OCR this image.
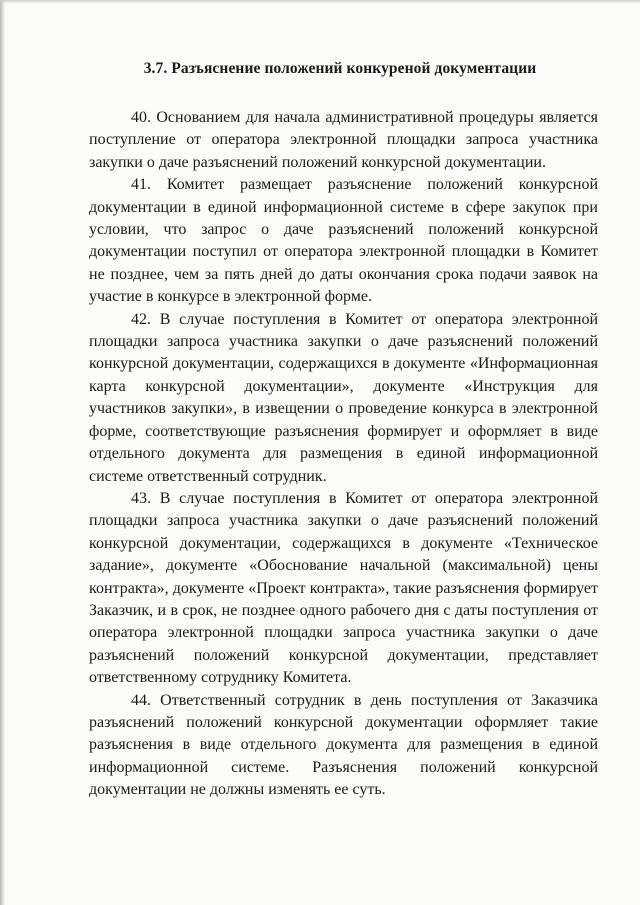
3.7. Разъяснение положений конкуреной документации

40. Основанием для начала административной процедуры является поступление от оператора электронной площадки запроса участника закупки о даче разъяснений положений конкурсной документации.

41. Комитет размещает разъяснение положений конкурсной документации в единой информационной системе в сфере закупок при условии, что запрос о даче разъяснений положений конкурсной документации поступил от оператора электронной площадки в Комитет не позднее, чем за пять дней до даты окончания срока подачи заявок на участие в конкурсе в электронной форме.

42. В случае поступления в Комитет от оператора электронной площадки запроса участника закупки о даче разъяснений положений конкурсной документации, содержащихся в документе «Информационная карта конкурсной документации», документе «Инструкция для участников закупки», в извещении о проведение конкурса в электронной форме, соответствующие разъяснения формирует и оформляет в виде отдельного документа для размещения в единой информационной системе ответственный сотрудник.

43. В случае поступления в Комитет от оператора электронной площадки запроса участника закупки о даче разъяснений положений конкурсной документации, содержащихся в документе «Техническое задание», документе «Обоснование начальной (максимальной) цены контракта», документе «Проект контракта», такие разъяснения формирует Заказчик, и в срок, не позднее одного рабочего дня с даты поступления от оператора электронной площадки запроса участника закупки о даче разъяснений положений конкурсной документации, представляет ответственному сотруднику Комитета.

44. Ответственный сотрудник в день поступления от Заказчика разъяснений положений конкурсной документации оформляет такие разъяснения в виде отдельного документа для размещения в единой информационной системе. Разъяснения положений конкурсной документации не должны изменять ее суть.
